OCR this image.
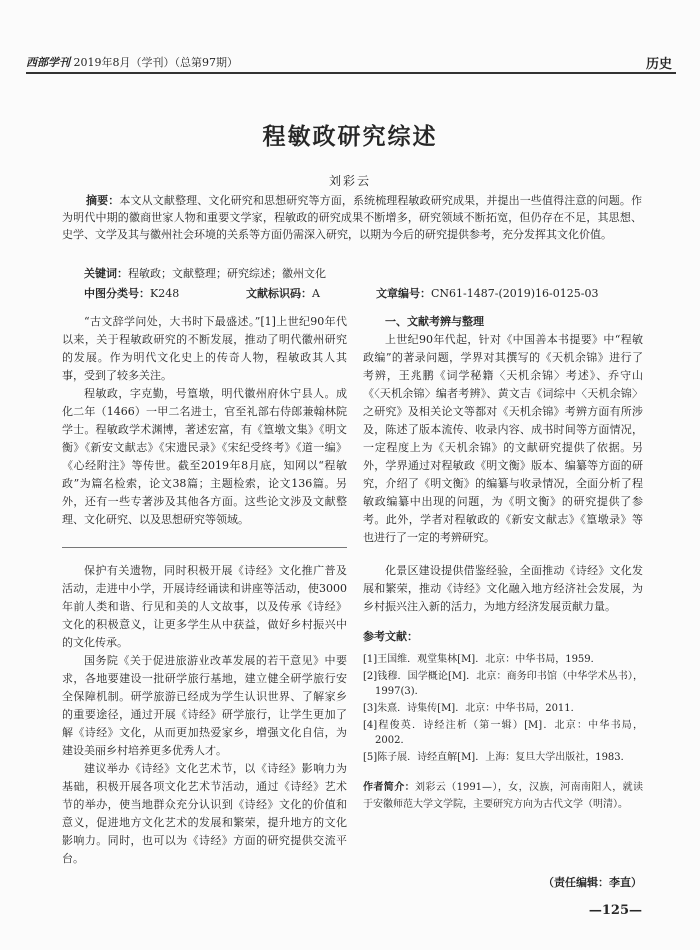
西部学刊 2019年8月（学刊）（总第97期）	历史
程敏政研究综述
刘彩云
摘要：本文从文献整理、文化研究和思想研究等方面，系统梳理程敏政研究成果，并提出一些值得注意的问题。作为明代中期的徽商世家人物和重要文学家，程敏政的研究成果不断增多，研究领域不断拓宽，但仍存在不足，其思想、史学、文学及其与徽州社会环境的关系等方面仍需深入研究，以期为今后的研究提供参考，充分发挥其文化价值。
关键词：程敏政；文献整理；研究综述；徽州文化
中图分类号：K248	文献标识码：A	文章编号：CN61-1487-(2019)16-0125-03

“古文辞学问处，大书时下最盛述。”[1]上世纪90年代以来，关于程敏政研究的不断发展，推动了明代徽州研究的发展。作为明代文化史上的传奇人物，程敏政其人其事，受到了较多关注。

程敏政，字克勤，号篁墩，明代徽州府休宁县人。成化二年（1466）一甲二名进士，官至礼部右侍郎兼翰林院学士。程敏政学术渊博，著述宏富，有《篁墩文集》《明文衡》《新安文献志》《宋遗民录》《宋纪受终考》《道一编》《心经附注》等传世。截至2019年8月底，知网以“程敏政”为篇名检索，论文38篇；主题检索，论文136篇。另外，还有一些专著涉及其他各方面。这些论文涉及文献整理、文化研究、以及思想研究等领域。

一、文献考辨与整理

上世纪90年代起，针对《中国善本书提要》中“程敏政编”的著录问题，学界对其撰写的《天机余锦》进行了考辨，王兆鹏《词学秘籍〈天机余锦〉考述》、乔守山《〈天机余锦〉编者考辨》、黄文吉《词综中〈天机余锦〉之研究》及相关论文等都对《天机余锦》考辨方面有所涉及，陈述了版本流传、收录内容、成书时间等方面情况，一定程度上为《天机余锦》的文献研究提供了依据。另外，学界通过对程敏政《明文衡》版本、编纂等方面的研究，介绍了《明文衡》的编纂与收录情况，全面分析了程敏政编纂中出现的问题，为《明文衡》的研究提供了参考。此外，学者对程敏政的《新安文献志》《篁墩录》等也进行了一定的考辨研究。

保护有关遗物，同时积极开展《诗经》文化推广普及活动，走进中小学，开展诗经诵读和讲座等活动，使3000年前人类和谐、行见和美的人文故事，以及传承《诗经》文化的积极意义，让更多学生从中获益，做好乡村振兴中的文化传承。

国务院《关于促进旅游业改革发展的若干意见》中要求，各地要建设一批研学旅行基地，建立健全研学旅行安全保障机制。研学旅游已经成为学生认识世界、了解家乡的重要途径，通过开展《诗经》研学旅行，让学生更加了解《诗经》文化，从而更加热爱家乡，增强文化自信，为建设美丽乡村培养更多优秀人才。

建议举办《诗经》文化艺术节，以《诗经》影响力为基础，积极开展各项文化艺术节活动，通过《诗经》艺术节的举办，使当地群众充分认识到《诗经》文化的价值和意义，促进地方文化艺术的发展和繁荣，提升地方的文化影响力。同时，也可以为《诗经》方面的研究提供交流平台。

化景区建设提供借鉴经验，全面推动《诗经》文化发展和繁荣，推动《诗经》文化融入地方经济社会发展，为乡村振兴注入新的活力，为地方经济发展贡献力量。

参考文献：
[1]王国维．观堂集林[M]．北京：中华书局，1959．
[2]钱穆．国学概论[M]．北京：商务印书馆（中华学术丛书），1997(3)．
[3]朱熹．诗集传[M]．北京：中华书局，2011．
[4]程俊英．诗经注析（第一辑）[M]．北京：中华书局，2002．
[5]陈子展．诗经直解[M]．上海：复旦大学出版社，1983．
作者简介：刘彩云（1991—），女，汉族，河南南阳人，就读于安徽师范大学文学院，主要研究方向为古代文学（明清）。
（责任编辑：李直）
—125—
